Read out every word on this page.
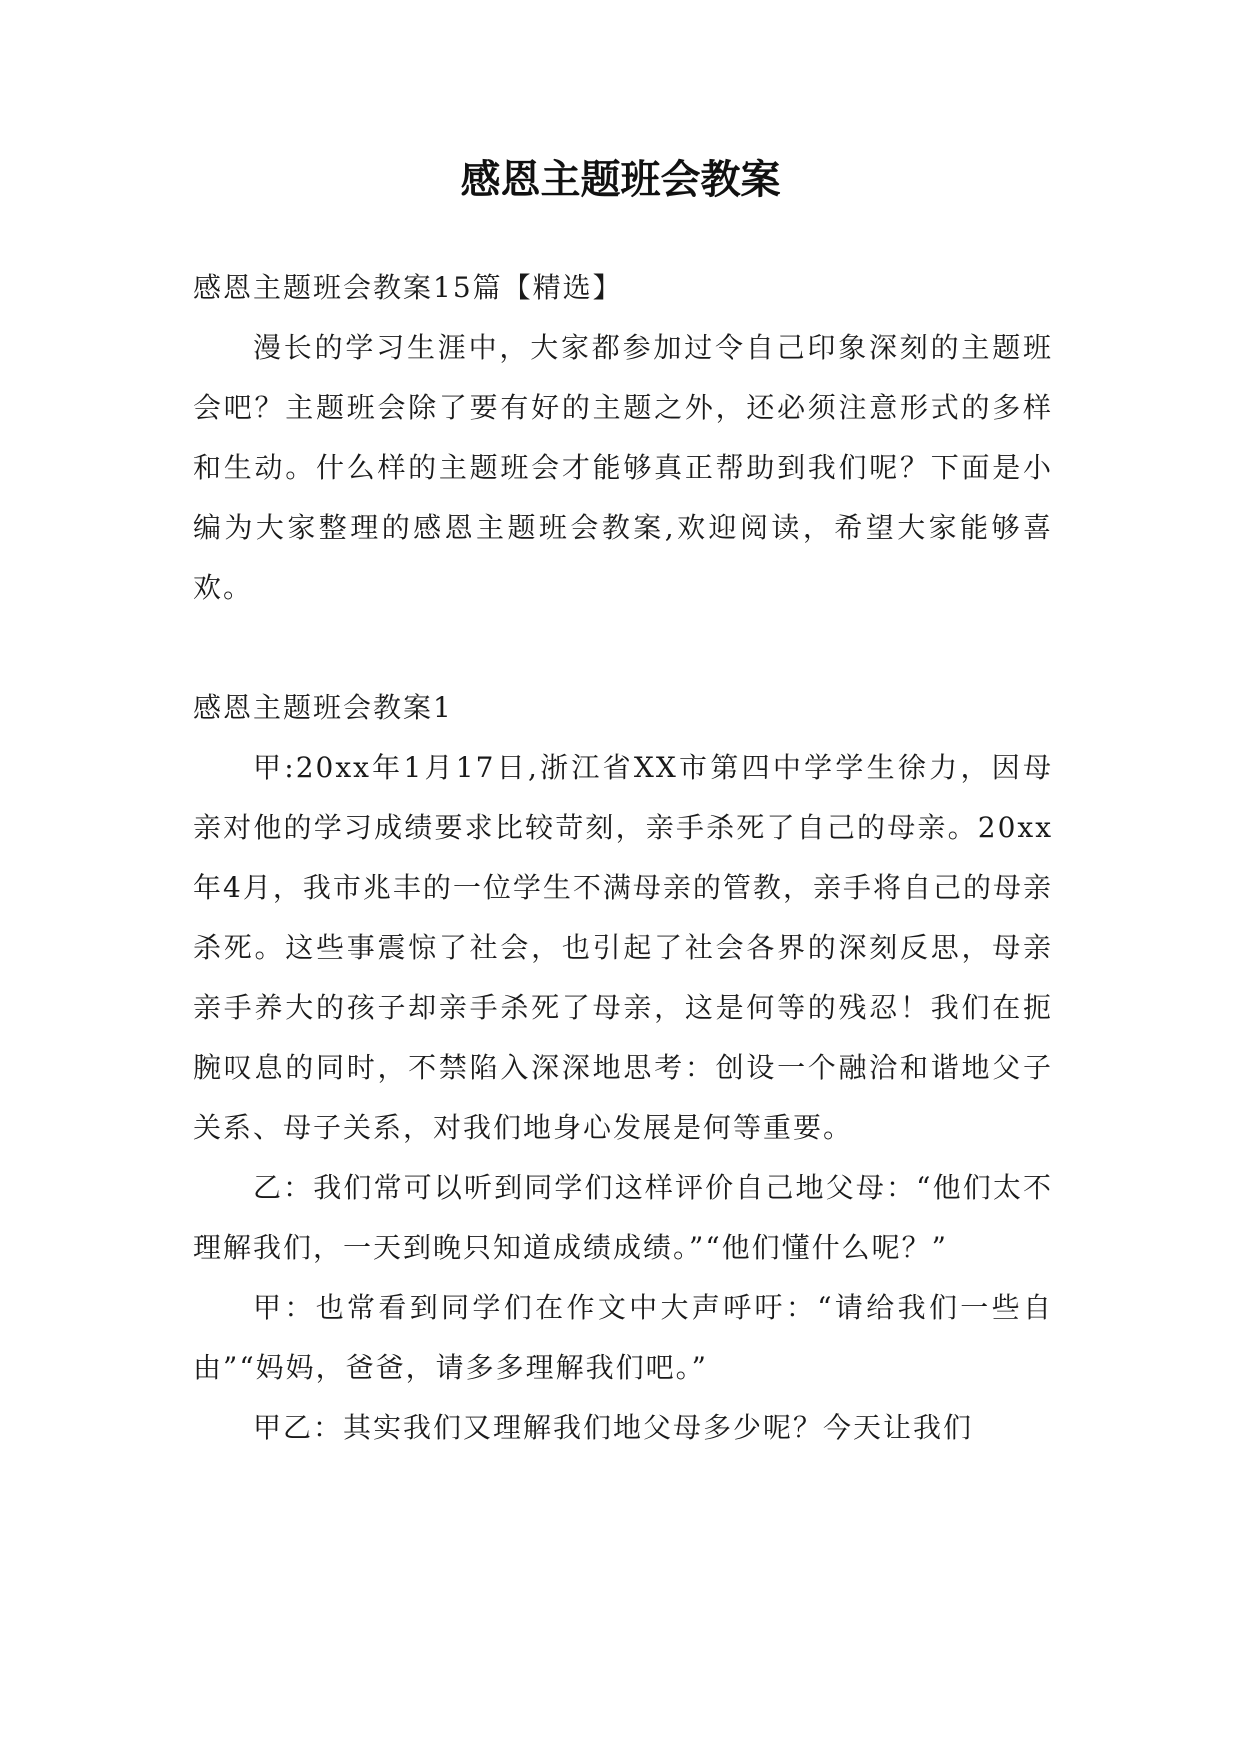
感恩主题班会教案

感恩主题班会教案15篇【精选】

漫长的学习生涯中，大家都参加过令自己印象深刻的主题班会吧？主题班会除了要有好的主题之外，还必须注意形式的多样和生动。什么样的主题班会才能够真正帮助到我们呢？下面是小编为大家整理的感恩主题班会教案,欢迎阅读，希望大家能够喜欢。

感恩主题班会教案1

甲:20xx年1月17日,浙江省XX市第四中学学生徐力，因母亲对他的学习成绩要求比较苛刻，亲手杀死了自己的母亲。20xx年4月，我市兆丰的一位学生不满母亲的管教，亲手将自己的母亲杀死。这些事震惊了社会，也引起了社会各界的深刻反思，母亲亲手养大的孩子却亲手杀死了母亲，这是何等的残忍！我们在扼腕叹息的同时，不禁陷入深深地思考：创设一个融洽和谐地父子关系、母子关系，对我们地身心发展是何等重要。

乙：我们常可以听到同学们这样评价自己地父母：“他们太不理解我们，一天到晚只知道成绩成绩。”“他们懂什么呢？”

甲：也常看到同学们在作文中大声呼吁：“请给我们一些自由”“妈妈，爸爸，请多多理解我们吧。”

甲乙：其实我们又理解我们地父母多少呢？今天让我们
